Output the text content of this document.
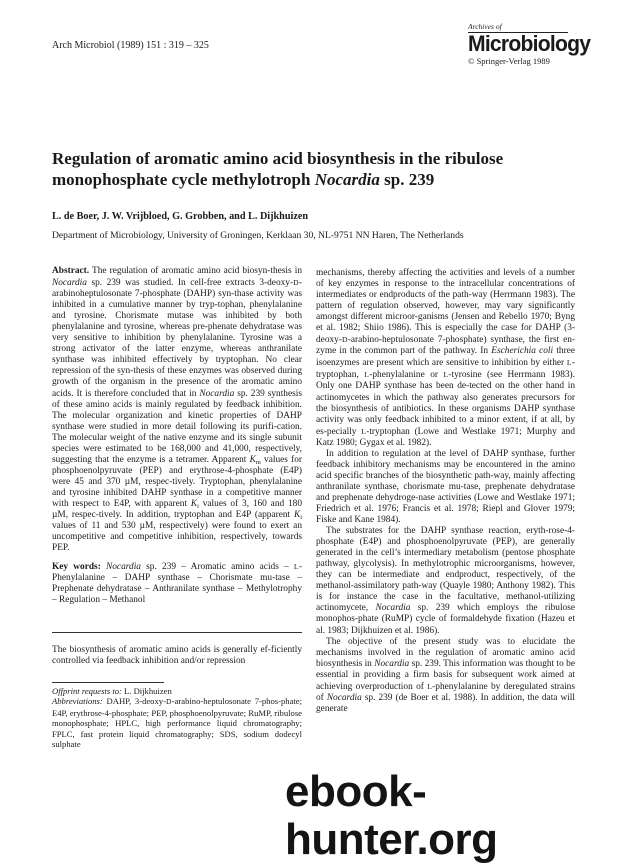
Arch Microbiol (1989) 151 : 319 – 325
Archives of
Microbiology
© Springer-Verlag 1989
Regulation of aromatic amino acid biosynthesis in the ribulose
monophosphate cycle methylotroph Nocardia sp. 239
L. de Boer, J. W. Vrijbloed, G. Grobben, and L. Dijkhuizen
Department of Microbiology, University of Groningen, Kerklaan 30, NL-9751 NN Haren, The Netherlands

Abstract. The regulation of aromatic amino acid biosyn-thesis in Nocardia sp. 239 was studied. In cell-free extracts 3-deoxy-D-arabinoheptulosonate 7-phosphate (DAHP) syn-thase activity was inhibited in a cumulative manner by tryp-tophan, phenylalanine and tyrosine. Chorismate mutase was inhibited by both phenylalanine and tyrosine, whereas pre-phenate dehydratase was very sensitive to inhibition by phenylalanine. Tyrosine was a strong activator of the latter enzyme, whereas anthranilate synthase was inhibited effectively by tryptophan. No clear repression of the syn-thesis of these enzymes was observed during growth of the organism in the presence of the aromatic amino acids. It is therefore concluded that in Nocardia sp. 239 synthesis of these amino acids is mainly regulated by feedback inhibition. The molecular organization and kinetic properties of DAHP synthase were studied in more detail following its purifi-cation. The molecular weight of the native enzyme and its single subunit species were estimated to be 168,000 and 41,000, respectively, suggesting that the enzyme is a tetramer. Apparent $K_m$ values for phosphoenolpyruvate (PEP) and erythrose-4-phosphate (E4P) were 45 and 370 µM, respec-tively. Tryptophan, phenylalanine and tyrosine inhibited DAHP synthase in a competitive manner with respect to E4P, with apparent $K_i$ values of 3, 160 and 180 µM, respec-tively. In addition, tryptophan and E4P (apparent $K_i$ values of 11 and 530 µM, respectively) were found to exert an uncompetitive and competitive inhibition, respectively, towards PEP.

Key words: Nocardia sp. 239 – Aromatic amino acids – L-Phenylalanine – DAHP synthase – Chorismate mu-tase – Prephenate dehydratase – Anthranilate synthase – Methylotrophy – Regulation – Methanol

The biosynthesis of aromatic amino acids is generally ef-ficiently controlled via feedback inhibition and/or repression

Offprint requests to: L. Dijkhuizen

Abbreviations: DAHP, 3-deoxy-D-arabino-heptulosonate 7-phos-phate; E4P, erythrose-4-phosphate; PEP, phosphoenolpyruvate; RuMP, ribulose monophosphate; HPLC, high performance liquid chromatography; FPLC, fast protein liquid chromatography; SDS, sodium dodecyl sulphate

mechanisms, thereby affecting the activities and levels of a number of key enzymes in response to the intracellular concentrations of intermediates or endproducts of the path-way (Herrmann 1983). The pattern of regulation observed, however, may vary significantly amongst different microor-ganisms (Jensen and Rebello 1970; Byng et al. 1982; Shiio 1986). This is especially the case for DAHP (3-deoxy-D-arabino-heptulosonate 7-phosphate) synthase, the first en-zyme in the common part of the pathway. In Escherichia coli three isoenzymes are present which are sensitive to inhibition by either L-tryptophan, L-phenylalanine or L-tyrosine (see Herrmann 1983). Only one DAHP synthase has been de-tected on the other hand in actinomycetes in which the pathway also generates precursors for the biosynthesis of antibiotics. In these organisms DAHP synthase activity was only feedback inhibited to a minor extent, if at all, by es-pecially L-tryptophan (Lowe and Westlake 1971; Murphy and Katz 1980; Gygax et al. 1982).

In addition to regulation at the level of DAHP synthase, further feedback inhibitory mechanisms may be encountered in the amino acid specific branches of the biosynthetic path-way, mainly affecting anthranilate synthase, chorismate mu-tase, prephenate dehydratase and prephenate dehydroge-nase activities (Lowe and Westlake 1971; Friedrich et al. 1976; Francis et al. 1978; Riepl and Glover 1979; Fiske and Kane 1984).

The substrates for the DAHP synthase reaction, eryth-rose-4-phosphate (E4P) and phosphoenolpyruvate (PEP), are generally generated in the cell’s intermediary metabolism (pentose phosphate pathway, glycolysis). In methylotrophic microorganisms, however, they can be intermediate and endproduct, respectively, of the methanol-assimilatory path-way (Quayle 1980; Anthony 1982). This is for instance the case in the facultative, methanol-utilizing actinomycete, Nocardia sp. 239 which employs the ribulose monophos-phate (RuMP) cycle of formaldehyde fixation (Hazeu et al. 1983; Dijkhuizen et al. 1986).

The objective of the present study was to elucidate the mechanisms involved in the regulation of aromatic amino acid biosynthesis in Nocardia sp. 239. This information was thought to be essential in providing a firm basis for subsequent work aimed at achieving overproduction of L-phenylalanine by deregulated strains of Nocardia sp. 239 (de Boer et al. 1988). In addition, the data will generate

ebook-hunter.org
